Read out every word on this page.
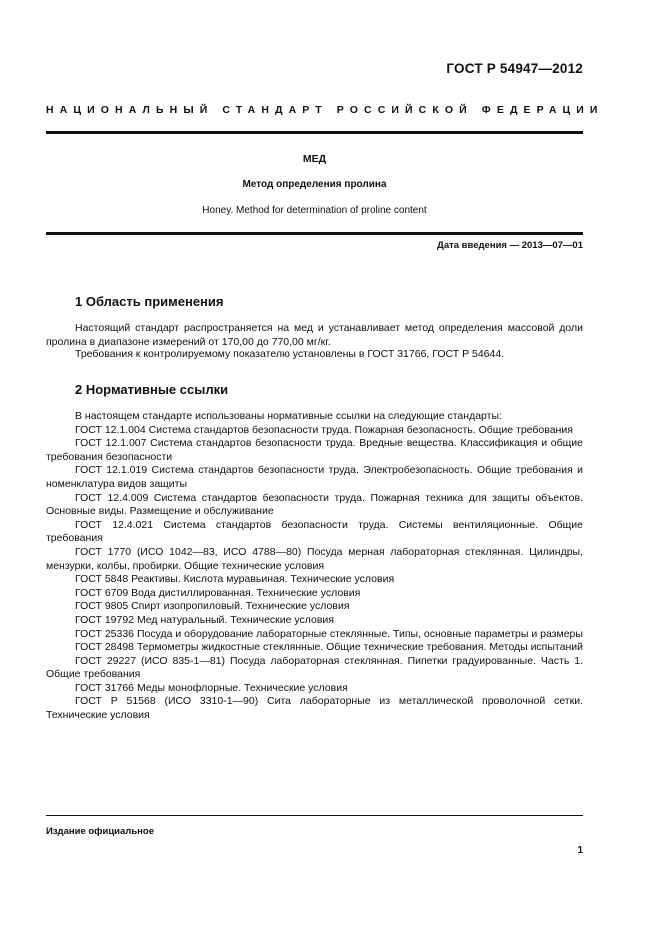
ГОСТ Р 54947—2012
НАЦИОНАЛЬНЫЙ СТАНДАРТ РОССИЙСКОЙ ФЕДЕРАЦИИ
МЕД
Метод определения пролина
Honey. Method for determination of proline content
Дата введения — 2013—07—01
1 Область применения
Настоящий стандарт распространяется на мед и устанавливает метод определения массовой доли пролина в диапазоне измерений от 170,00 до 770,00 мг/кг.
Требования к контролируемому показателю установлены в ГОСТ 31766, ГОСТ Р 54644.
2 Нормативные ссылки

В настоящем стандарте использованы нормативные ссылки на следующие стандарты:

ГОСТ 12.1.004 Система стандартов безопасности труда. Пожарная безопасность. Общие требования

ГОСТ 12.1.007 Система стандартов безопасности труда. Вредные вещества. Классификация и общие требования безопасности

ГОСТ 12.1.019 Система стандартов безопасности труда. Электробезопасность. Общие требования и номенклатура видов защиты

ГОСТ 12.4.009 Система стандартов безопасности труда. Пожарная техника для защиты объектов. Основные виды. Размещение и обслуживание

ГОСТ 12.4.021 Система стандартов безопасности труда. Системы вентиляционные. Общие требования

ГОСТ 1770 (ИСО 1042—83, ИСО 4788—80) Посуда мерная лабораторная стеклянная. Цилиндры, мензурки, колбы, пробирки. Общие технические условия

ГОСТ 5848 Реактивы. Кислота муравьиная. Технические условия

ГОСТ 6709 Вода дистиллированная. Технические условия

ГОСТ 9805 Спирт изопропиловый. Технические условия

ГОСТ 19792 Мед натуральный. Технические условия

ГОСТ 25336 Посуда и оборудование лабораторные стеклянные. Типы, основные параметры и размеры

ГОСТ 28498 Термометры жидкостные стеклянные. Общие технические требования. Методы испытаний

ГОСТ 29227 (ИСО 835-1—81) Посуда лабораторная стеклянная. Пипетки градуированные. Часть 1. Общие требования

ГОСТ 31766 Меды монофлорные. Технические условия

ГОСТ Р 51568 (ИСО 3310-1—90) Сита лабораторные из металлической проволочной сетки. Технические условия

Издание официальное
1
